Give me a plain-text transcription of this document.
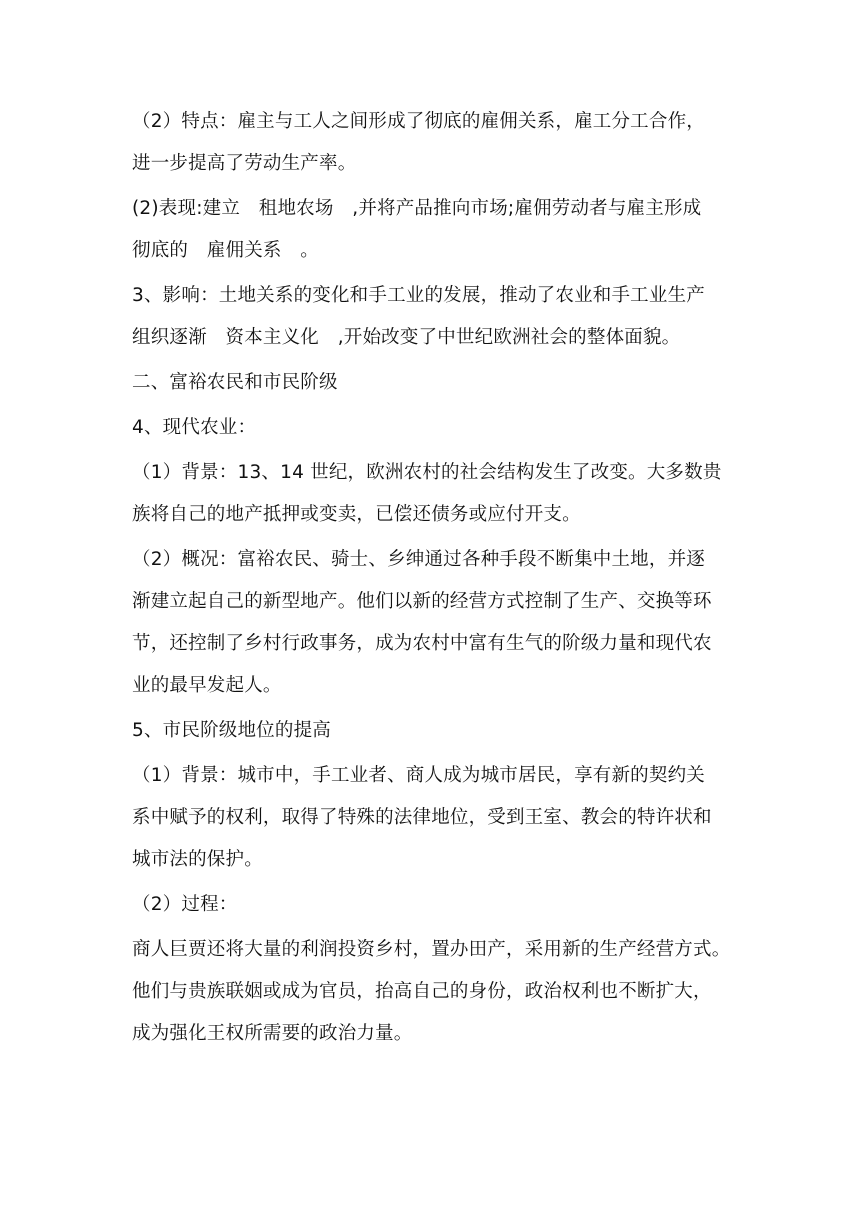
（2）特点：雇主与工人之间形成了彻底的雇佣关系，雇工分工合作，
进一步提高了劳动生产率。
(2)表现:建立　租地农场　,并将产品推向市场;雇佣劳动者与雇主形成
彻底的　雇佣关系　。
3、影响：土地关系的变化和手工业的发展，推动了农业和手工业生产
组织逐渐　资本主义化　,开始改变了中世纪欧洲社会的整体面貌。
二、富裕农民和市民阶级
4、现代农业：
（1）背景：13、14 世纪，欧洲农村的社会结构发生了改变。大多数贵
族将自己的地产抵押或变卖，已偿还债务或应付开支。
（2）概况：富裕农民、骑士、乡绅通过各种手段不断集中土地，并逐
渐建立起自己的新型地产。他们以新的经营方式控制了生产、交换等环
节，还控制了乡村行政事务，成为农村中富有生气的阶级力量和现代农
业的最早发起人。
5、市民阶级地位的提高
（1）背景：城市中，手工业者、商人成为城市居民，享有新的契约关
系中赋予的权利，取得了特殊的法律地位，受到王室、教会的特许状和
城市法的保护。
（2）过程：
商人巨贾还将大量的利润投资乡村，置办田产，采用新的生产经营方式。
他们与贵族联姻或成为官员，抬高自己的身份，政治权利也不断扩大，
成为强化王权所需要的政治力量。
